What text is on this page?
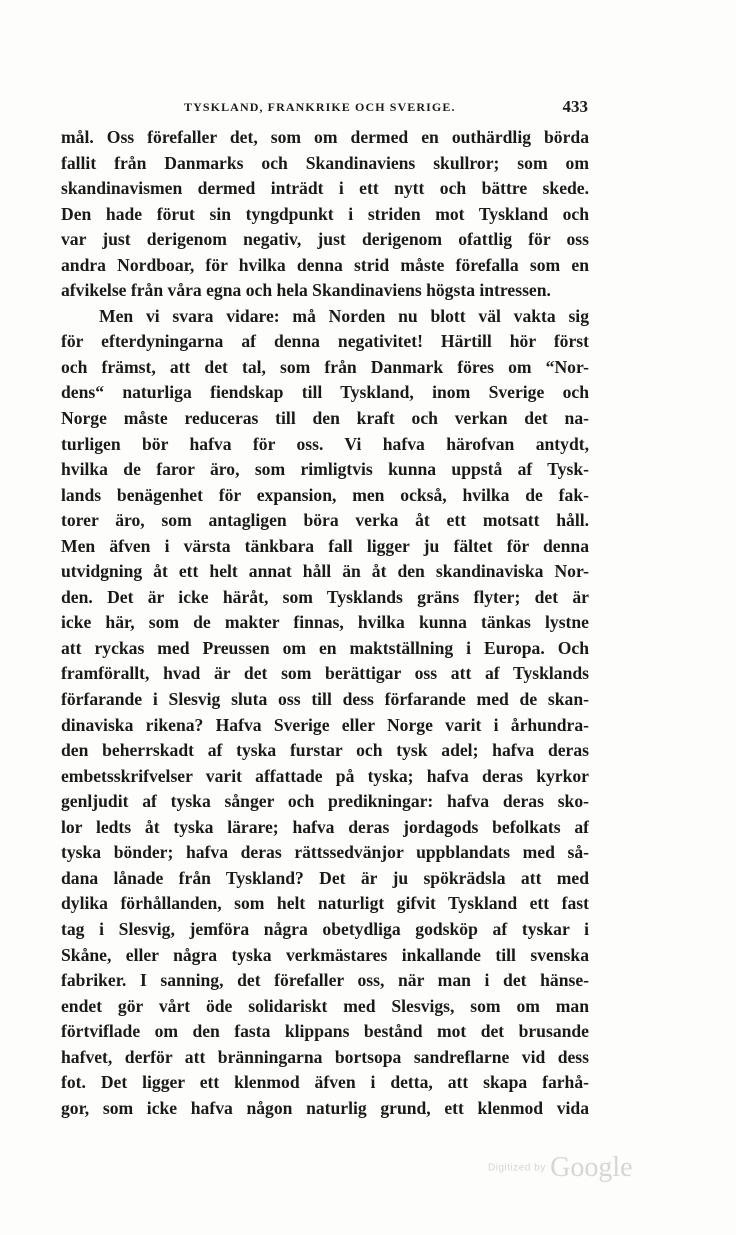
TYSKLAND, FRANKRIKE OCH SVERIGE.	433
mål. Oss förefaller det, som om dermed en outhärdlig börda
fallit från Danmarks och Skandinaviens skullror; som om
skandinavismen dermed inträdt i ett nytt och bättre skede.
Den hade förut sin tyngdpunkt i striden mot Tyskland och
var just derigenom negativ, just derigenom ofattlig för oss
andra Nordboar, för hvilka denna strid måste förefalla som en
afvikelse från våra egna och hela Skandinaviens högsta intressen.
Men vi svara vidare: må Norden nu blott väl vakta sig
för efterdyningarna af denna negativitet! Härtill hör först
och främst, att det tal, som från Danmark föres om “Nor-
dens“ naturliga fiendskap till Tyskland, inom Sverige och
Norge måste reduceras till den kraft och verkan det na-
turligen bör hafva för oss. Vi hafva härofvan antydt,
hvilka de faror äro, som rimligtvis kunna uppstå af Tysk-
lands benägenhet för expansion, men också, hvilka de fak-
torer äro, som antagligen böra verka åt ett motsatt håll.
Men äfven i värsta tänkbara fall ligger ju fältet för denna
utvidgning åt ett helt annat håll än åt den skandinaviska Nor-
den. Det är icke häråt, som Tysklands gräns flyter; det är
icke här, som de makter finnas, hvilka kunna tänkas lystne
att ryckas med Preussen om en maktställning i Europa. Och
framförallt, hvad är det som berättigar oss att af Tysklands
förfarande i Slesvig sluta oss till dess förfarande med de skan-
dinaviska rikena? Hafva Sverige eller Norge varit i århundra-
den beherrskadt af tyska furstar och tysk adel; hafva deras
embetsskrifvelser varit affattade på tyska; hafva deras kyrkor
genljudit af tyska sånger och predikningar: hafva deras sko-
lor ledts åt tyska lärare; hafva deras jordagods befolkats af
tyska bönder; hafva deras rättssedvänjor uppblandats med så-
dana lånade från Tyskland? Det är ju spökrädsla att med
dylika förhållanden, som helt naturligt gifvit Tyskland ett fast
tag i Slesvig, jemföra några obetydliga godsköp af tyskar i
Skåne, eller några tyska verkmästares inkallande till svenska
fabriker. I sanning, det förefaller oss, när man i det hänse-
endet gör vårt öde solidariskt med Slesvigs, som om man
förtviflade om den fasta klippans bestånd mot det brusande
hafvet, derför att bränningarna bortsopa sandreflarne vid dess
fot. Det ligger ett klenmod äfven i detta, att skapa farhå-
gor, som icke hafva någon naturlig grund, ett klenmod vida
Digitized by Google
